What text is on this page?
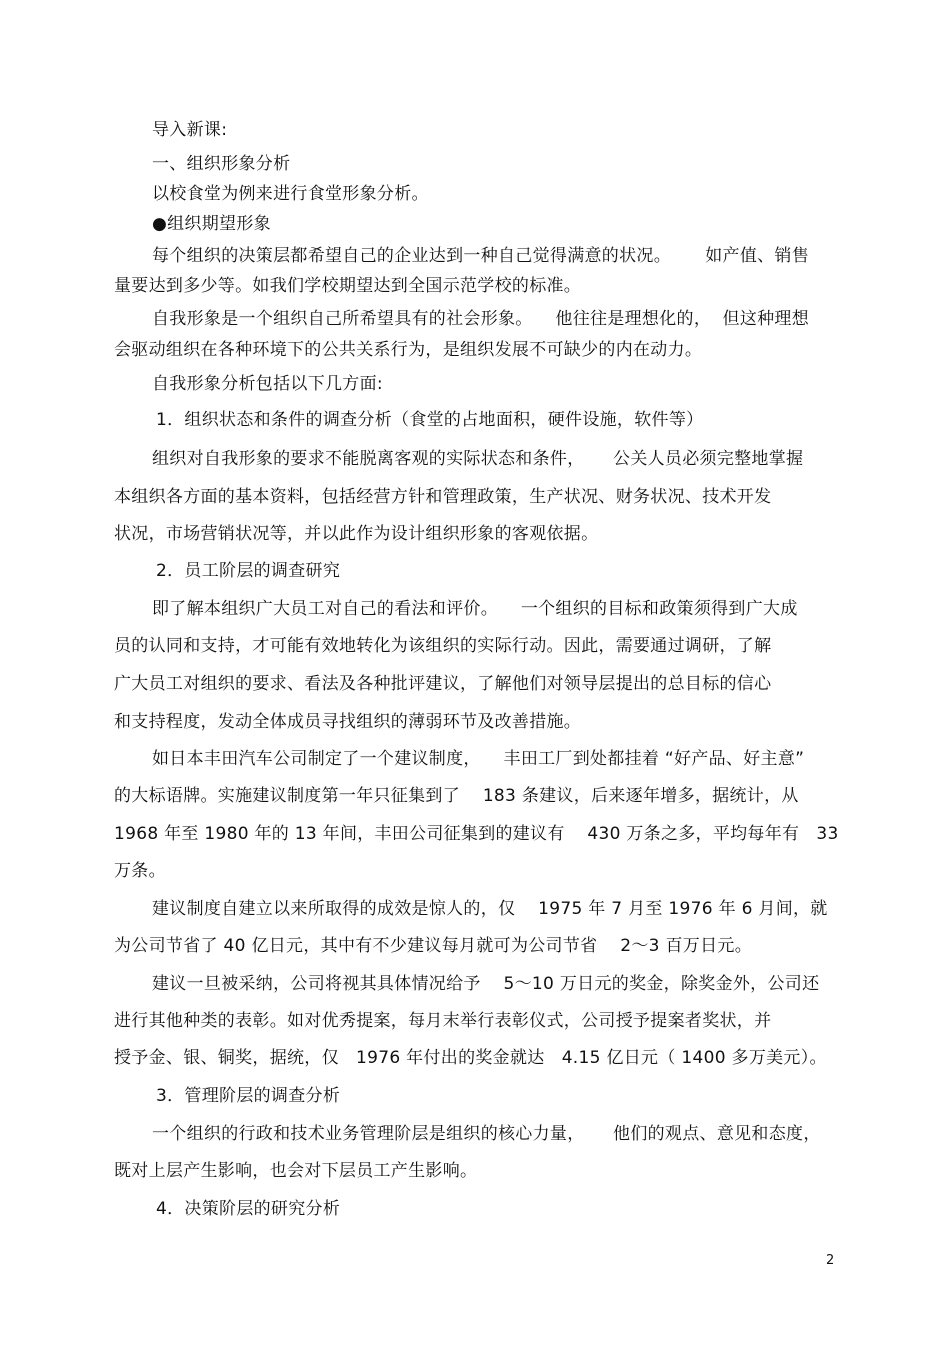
导入新课:
一、组织形象分析
以校食堂为例来进行食堂形象分析。
●组织期望形象
每个组织的决策层都希望自己的企业达到一种自己觉得满意的状况。      如产值、销售
量要达到多少等。如我们学校期望达到全国示范学校的标准。
自我形象是一个组织自己所希望具有的社会形象。    他往往是理想化的，  但这种理想
会驱动组织在各种环境下的公共关系行为，是组织发展不可缺少的内在动力。
自我形象分析包括以下几方面:
1．组织状态和条件的调查分析（食堂的占地面积，硬件设施，软件等）
组织对自我形象的要求不能脱离客观的实际状态和条件，     公关人员必须完整地掌握
本组织各方面的基本资料，包括经营方针和管理政策，生产状况、财务状况、技术开发
状况，市场营销状况等，并以此作为设计组织形象的客观依据。
2．员工阶层的调查研究
即了解本组织广大员工对自己的看法和评价。    一个组织的目标和政策须得到广大成
员的认同和支持，才可能有效地转化为该组织的实际行动。因此，需要通过调研，了解
广大员工对组织的要求、看法及各种批评建议，了解他们对领导层提出的总目标的信心
和支持程度，发动全体成员寻找组织的薄弱环节及改善措施。
如日本丰田汽车公司制定了一个建议制度，    丰田工厂到处都挂着 “好产品、好主意”
的大标语牌。实施建议制度第一年只征集到了    183 条建议，后来逐年增多，据统计，从
1968 年至 1980 年的 13 年间，丰田公司征集到的建议有    430 万条之多，平均每年有   33
万条。
建议制度自建立以来所取得的成效是惊人的，仅    1975 年 7 月至 1976 年 6 月间，就
为公司节省了 40 亿日元，其中有不少建议每月就可为公司节省    2～3 百万日元。
建议一旦被采纳，公司将视其具体情况给予    5～10 万日元的奖金，除奖金外，公司还
进行其他种类的表彰。如对优秀提案，每月末举行表彰仪式，公司授予提案者奖状，并
授予金、银、铜奖，据统，仅   1976 年付出的奖金就达   4.15 亿日元（ 1400 多万美元）。
3．管理阶层的调查分析
一个组织的行政和技术业务管理阶层是组织的核心力量，     他们的观点、意见和态度，
既对上层产生影响，也会对下层员工产生影响。
4．决策阶层的研究分析
2
